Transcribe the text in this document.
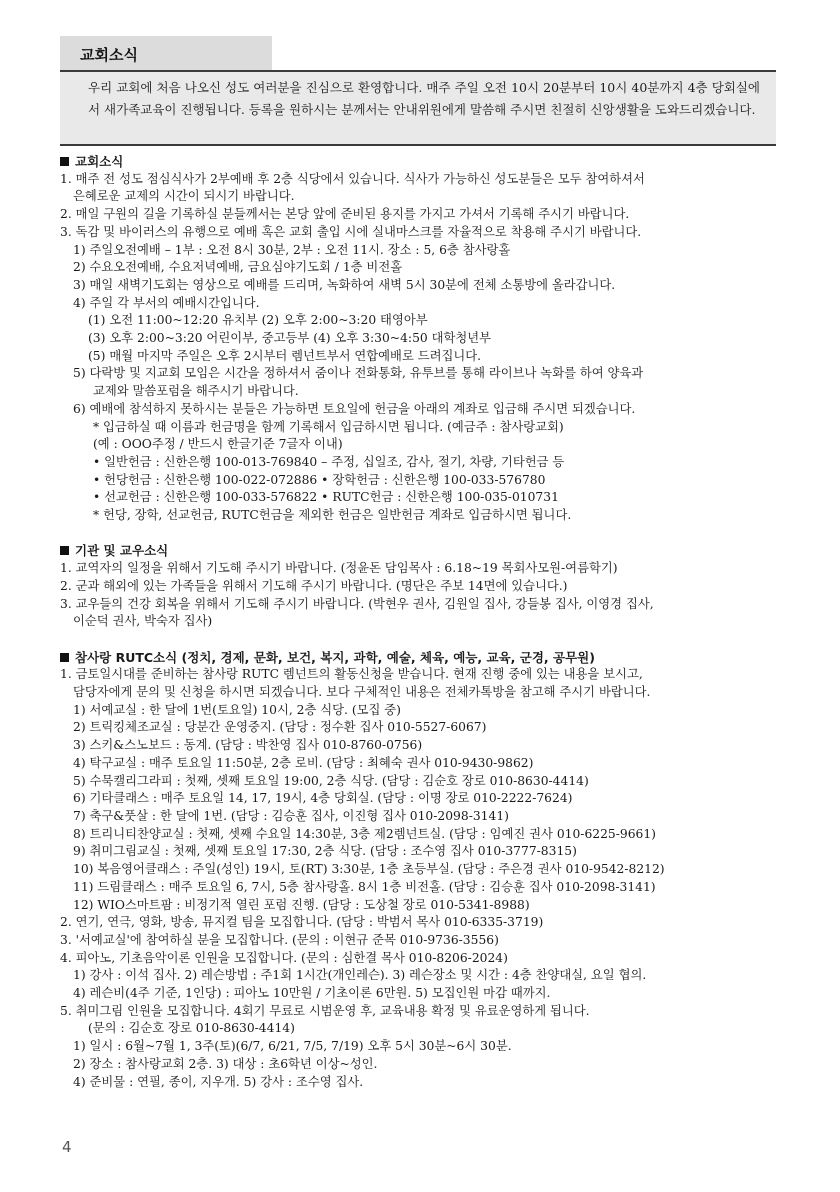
교회소식
우리 교회에 처음 나오신 성도 여러분을 진심으로 환영합니다. 매주 주일 오전 10시 20분부터 10시 40분까지 4층 당회실에서 새가족교육이 진행됩니다. 등록을 원하시는 분께서는 안내위원에게 말씀해 주시면 친절히 신앙생활을 도와드리겠습니다.
교회소식
1. 매주 전 성도 점심식사가 2부예배 후 2층 식당에서 있습니다. 식사가 가능하신 성도분들은 모두 참여하셔서
은혜로운 교제의 시간이 되시기 바랍니다.
2. 매일 구원의 길을 기록하실 분들께서는 본당 앞에 준비된 용지를 가지고 가셔서 기록해 주시기 바랍니다.
3. 독감 및 바이러스의 유행으로 예배 혹은 교회 출입 시에 실내마스크를 자율적으로 착용해 주시기 바랍니다.
1) 주일오전예배 – 1부 : 오전 8시 30분, 2부 : 오전 11시. 장소 : 5, 6층 참사랑홀
2) 수요오전예배, 수요저녁예배, 금요심야기도회 / 1층 비전홀
3) 매일 새벽기도회는 영상으로 예배를 드리며, 녹화하여 새벽 5시 30분에 전체 소통방에 올라갑니다.
4) 주일 각 부서의 예배시간입니다.
(1) 오전 11:00~12:20 유치부 (2) 오후 2:00~3:20 태영아부
(3) 오후 2:00~3:20 어린이부, 중고등부 (4) 오후 3:30~4:50 대학청년부
(5) 매월 마지막 주일은 오후 2시부터 렘넌트부서 연합예배로 드려집니다.
5) 다락방 및 지교회 모임은 시간을 정하셔서 줌이나 전화통화, 유투브를 통해 라이브나 녹화를 하여 양육과
교제와 말씀포럼을 해주시기 바랍니다.
6) 예배에 참석하지 못하시는 분들은 가능하면 토요일에 헌금을 아래의 계좌로 입금해 주시면 되겠습니다.
* 입금하실 때 이름과 헌금명을 함께 기록해서 입금하시면 됩니다. (예금주 : 참사랑교회)
(예 : OOO주정 / 반드시 한글기준 7글자 이내)
• 일반헌금 : 신한은행 100-013-769840 – 주정, 십일조, 감사, 절기, 차량, 기타헌금 등
• 헌당헌금 : 신한은행 100-022-072886 • 장학헌금 : 신한은행 100-033-576780
• 선교헌금 : 신한은행 100-033-576822 • RUTC헌금 : 신한은행 100-035-010731
* 헌당, 장학, 선교헌금, RUTC헌금을 제외한 헌금은 일반헌금 계좌로 입금하시면 됩니다.
기관 및 교우소식
1. 교역자의 일정을 위해서 기도해 주시기 바랍니다. (정윤돈 담임목사 : 6.18~19 목회사모원-여름학기)
2. 군과 해외에 있는 가족들을 위해서 기도해 주시기 바랍니다. (명단은 주보 14면에 있습니다.)
3. 교우들의 건강 회복을 위해서 기도해 주시기 바랍니다. (박현우 권사, 김원일 집사, 강들봉 집사, 이영경 집사,
이순덕 권사, 박숙자 집사)
참사랑 RUTC소식 (정치, 경제, 문화, 보건, 복지, 과학, 예술, 체육, 예능, 교육, 군경, 공무원)
1. 금토일시대를 준비하는 참사랑 RUTC 렘넌트의 활동신청을 받습니다. 현재 진행 중에 있는 내용을 보시고,
담당자에게 문의 및 신청을 하시면 되겠습니다. 보다 구체적인 내용은 전체카톡방을 참고해 주시기 바랍니다.
1) 서예교실 : 한 달에 1번(토요일) 10시, 2층 식당. (모집 중)
2) 트릭킹체조교실 : 당분간 운영중지. (담당 : 정수환 집사 010-5527-6067)
3) 스키&스노보드 : 동계. (담당 : 박찬영 집사 010-8760-0756)
4) 탁구교실 : 매주 토요일 11:50분, 2층 로비. (담당 : 최혜숙 권사 010-9430-9862)
5) 수묵캘리그라피 : 첫째, 셋째 토요일 19:00, 2층 식당. (담당 : 김순호 장로 010-8630-4414)
6) 기타클래스 : 매주 토요일 14, 17, 19시, 4층 당회실. (담당 : 이명 장로 010-2222-7624)
7) 축구&풋살 : 한 달에 1번. (담당 : 김승훈 집사, 이진형 집사 010-2098-3141)
8) 트리니티찬양교실 : 첫째, 셋째 수요일 14:30분, 3층 제2렘넌트실. (담당 : 임예진 권사 010-6225-9661)
9) 취미그림교실 : 첫째, 셋째 토요일 17:30, 2층 식당. (담당 : 조수영 집사 010-3777-8315)
10) 복음영어클래스 : 주일(성인) 19시, 토(RT) 3:30분, 1층 초등부실. (담당 : 주은경 권사 010-9542-8212)
11) 드림클래스 : 매주 토요일 6, 7시, 5층 참사랑홀. 8시 1층 비전홀. (담당 : 김승훈 집사 010-2098-3141)
12) WIO스마트팜 : 비정기적 열린 포럼 진행. (담당 : 도상철 장로 010-5341-8988)
2. 연기, 연극, 영화, 방송, 뮤지컬 팀을 모집합니다. (담당 : 박범서 목사 010-6335-3719)
3. '서예교실'에 참여하실 분을 모집합니다. (문의 : 이현규 준목 010-9736-3556)
4. 피아노, 기초음악이론 인원을 모집합니다. (문의 : 심한결 목사 010-8206-2024)
1) 강사 : 이석 집사. 2) 레슨방법 : 주1회 1시간(개인레슨). 3) 레슨장소 및 시간 : 4층 찬양대실, 요일 협의.
4) 레슨비(4주 기준, 1인당) : 피아노 10만원 / 기초이론 6만원. 5) 모집인원 마감 때까지.
5. 취미그림 인원을 모집합니다. 4회기 무료로 시범운영 후, 교육내용 확정 및 유료운영하게 됩니다.
(문의 : 김순호 장로 010-8630-4414)
1) 일시 : 6월~7월 1, 3주(토)(6/7, 6/21, 7/5, 7/19) 오후 5시 30분~6시 30분.
2) 장소 : 참사랑교회 2층. 3) 대상 : 초6학년 이상~성인.
4) 준비물 : 연필, 종이, 지우개. 5) 강사 : 조수영 집사.
4
